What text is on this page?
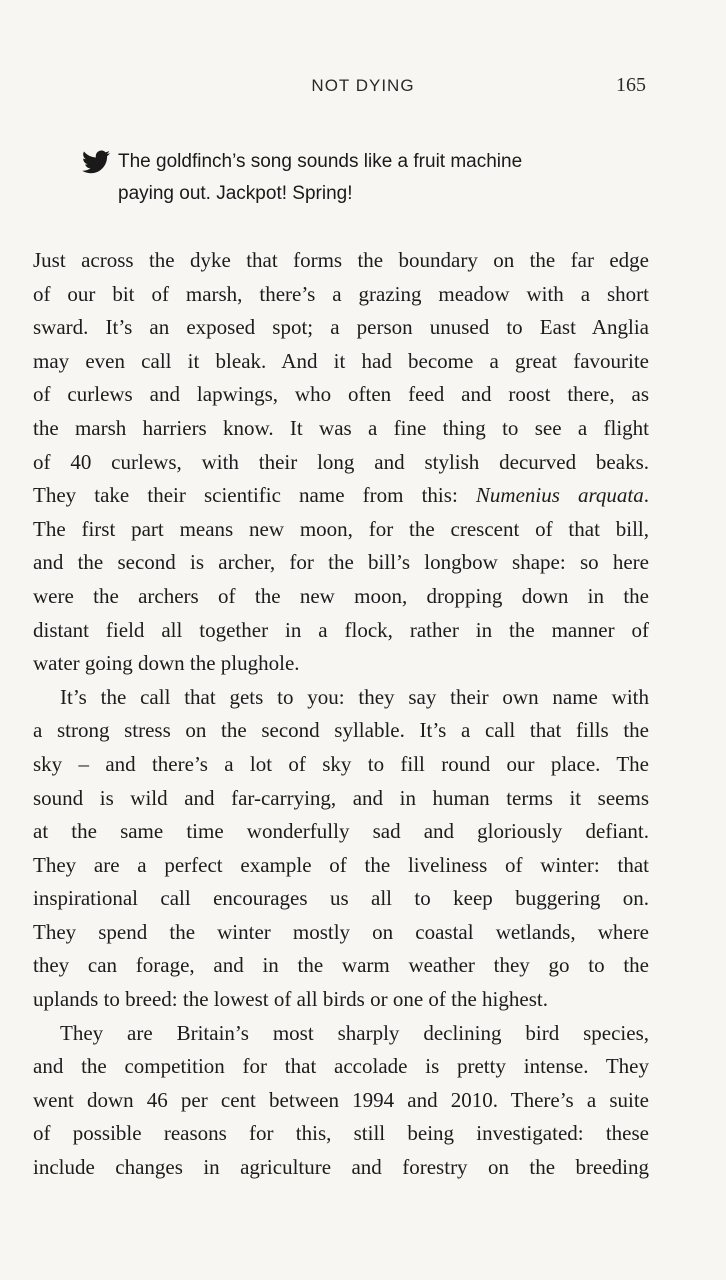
NOT DYING	165
The goldfinch’s song sounds like a fruit machine
paying out. Jackpot! Spring!
Just across the dyke that forms the boundary on the far edge
of our bit of marsh, there’s a grazing meadow with a short
sward. It’s an exposed spot; a person unused to East Anglia
may even call it bleak. And it had become a great favourite
of curlews and lapwings, who often feed and roost there, as
the marsh harriers know. It was a fine thing to see a flight
of 40 curlews, with their long and stylish decurved beaks.
They take their scientific name from this: Numenius arquata.
The first part means new moon, for the crescent of that bill,
and the second is archer, for the bill’s longbow shape: so here
were the archers of the new moon, dropping down in the
distant field all together in a flock, rather in the manner of
water going down the plughole.
It’s the call that gets to you: they say their own name with
a strong stress on the second syllable. It’s a call that fills the
sky – and there’s a lot of sky to fill round our place. The
sound is wild and far-carrying, and in human terms it seems
at the same time wonderfully sad and gloriously defiant.
They are a perfect example of the liveliness of winter: that
inspirational call encourages us all to keep buggering on.
They spend the winter mostly on coastal wetlands, where
they can forage, and in the warm weather they go to the
uplands to breed: the lowest of all birds or one of the highest.
They are Britain’s most sharply declining bird species,
and the competition for that accolade is pretty intense. They
went down 46 per cent between 1994 and 2010. There’s a suite
of possible reasons for this, still being investigated: these
include changes in agriculture and forestry on the breeding
